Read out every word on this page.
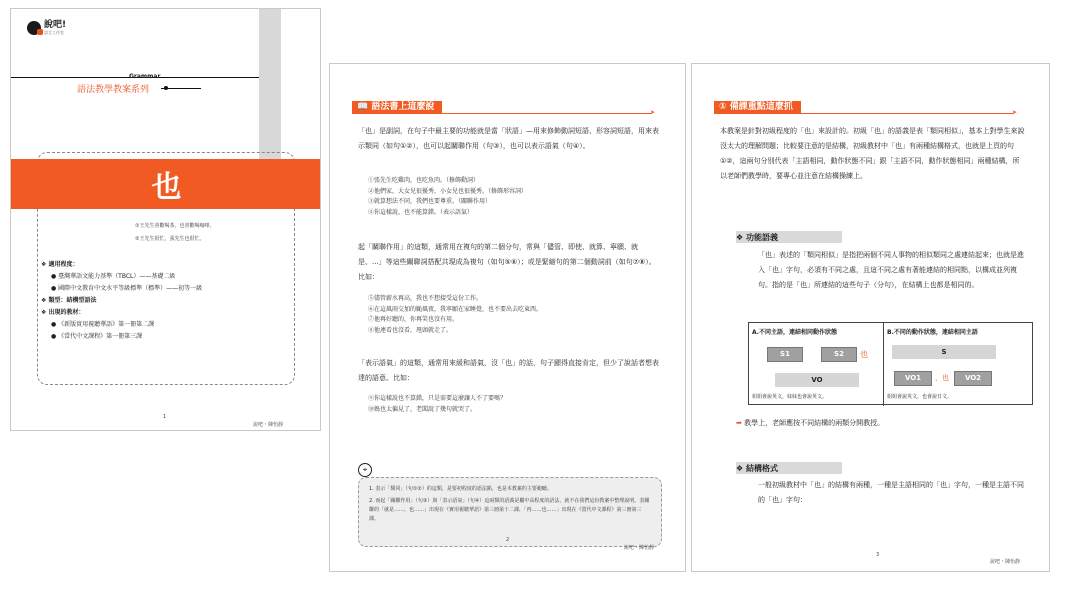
說吧!
語言工作室
Grammar
語法教學教案系列
也
①王先生喜歡喝茶，也喜歡喝咖啡。
②王先生很忙，張先生也很忙。
❖ 適用程度：
● 臺灣華語文能力基準（TBCL）——基礎二級
● 國際中文教育中文水平等級標準（標準）——初等一級
❖ 類型：結構型語法
❖ 出現的教材：
● 《新版實用視聽華語》第一冊第二課
● 《當代中文課程》第一冊第三課
1
說吧・陳怡靜
📖 語法書上這麼說
➤
「也」是副詞，在句子中最主要的功能就是當「狀語」—用來修飾動詞短語、形容詞短語，用來表示類同（如句①②），也可以起關聯作用（句③），也可以表示語氣（句④）。
①張先生吃雞肉，也吃魚肉。（修飾動詞）
②他們家，大女兒很優秀，小女兒也很優秀。（修飾形容詞）
③就算想法不同，我們也要尊重。（關聯作用）
④你這樣說，也不能算錯。（表示語氣）
起「關聯作用」的這類，通常用在複句的第二個分句，常與「儘管、即使、就算、寧願、就是、...」等這些關聯詞搭配共現成為複句（如句⑤⑥）；或是緊縮句的第二個動詞前（如句⑦⑧）。比如：
⑤儘管薪水再高，我也不想接受這份工作。
⑥在這風雨交加的颱風夜，我寧願在家睡覺，也不要出去吃東西。
⑦他再好聽的，你再笑也沒有用。
⑧他連看也沒看，甩頭就走了。
「表示語氣」的這類，通常用來緩和語氣，沒「也」的話，句子顯得直接肯定，但少了說話者想表達的語意。比如：
⑨你這樣說也不算錯，只是需要這麼讓人不了要嗎？
⑩媽也太偏見了，老闆說了幾句就哭了。
1. 表示「類同」（句①②）的這類，是要初程度的語法點，也是本教案的主要範疇。
2. 而起「關聯作用」（句③）與「表示語氣」（句④）這兩類的語義是屬中高程度的語法，就不在我們這份教案中整理說明。表關聯的「就是……，也……」出現在《實用視聽華語》第三冊第十二課，「再……也……」出現在《當代中文課程》第三冊第三課。
⌖
2
說吧・陳怡靜
① 備課重點這麼抓
➤
本教案是針對初級程度的「也」來設計的。初級「也」的語義是表「類同相似」，基本上對學生來說沒太大的理解問題；比較要注意的是結構，初級教材中「也」有兩種結構格式，也就是上頁的句①②，這兩句分別代表「主語相同，動作狀態不同」跟「主語不同，動作狀態相同」兩種結構，所以老師們教學時，要專心並注意在結構操練上。
❖ 功能語義
「也」表述的「類同相似」是指把兩個不同人事物的相似類同之處連結起來；也就是進入「也」字句，必須有不同之處，且這不同之處有著能連結的相同點，以構成並列複句。指的是「也」所連結的這些句子（分句），在結構上也都是相同的。
A.不同主語，連結相同動作狀態
S1	S2	也
VO
姐姐會說英文，妹妹也會說英文。
B.不同的動作狀態，連結相同主語
S
VO1	，也	VO2
姐姐會說英文，也會說日文。
➡ 教學上，老師應按不同結構的兩類分開教授。
❖ 結構格式
一般初級教材中「也」的結構有兩種，一種是主語相同的「也」字句，一種是主語不同的「也」字句：
3
說吧・陳怡靜
